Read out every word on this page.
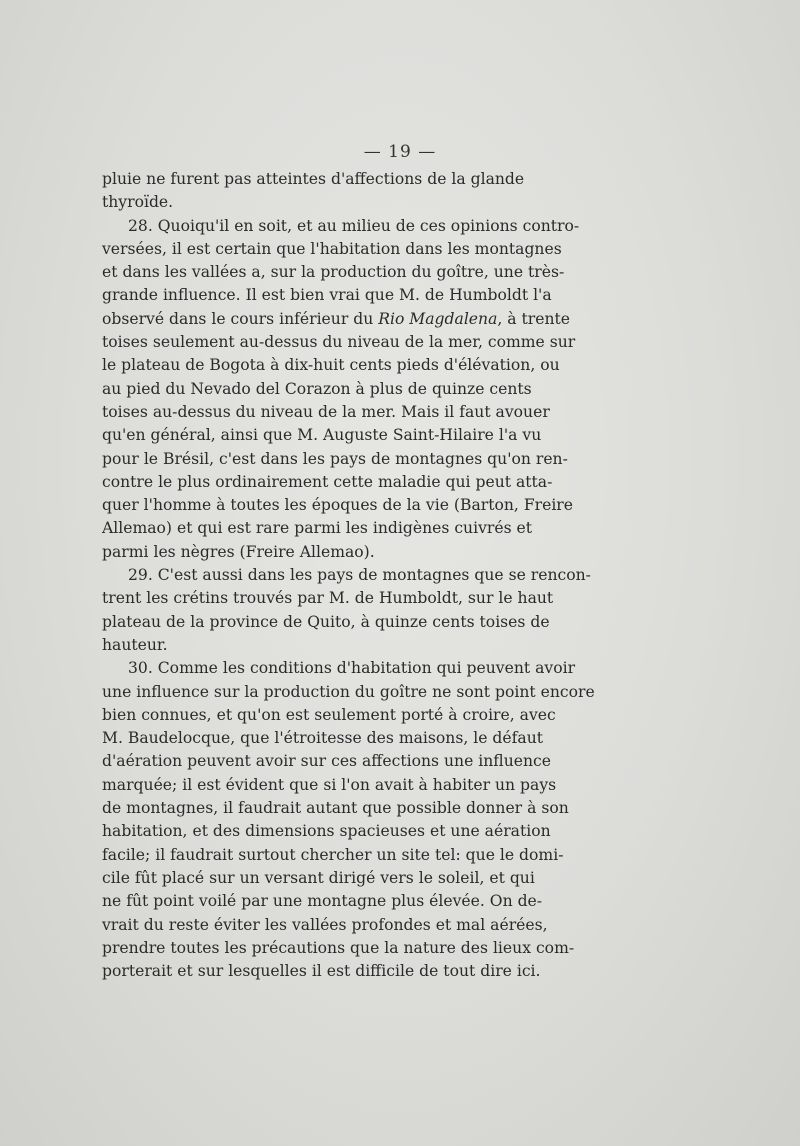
— 19 —
pluie ne furent pas atteintes d'affections de la glande
thyroïde.
28. Quoiqu'il en soit, et au milieu de ces opinions contro-
versées, il est certain que l'habitation dans les montagnes
et dans les vallées a, sur la production du goître, une très-
grande influence. Il est bien vrai que M. de Humboldt l'a
observé dans le cours inférieur du Rio Magdalena, à trente
toises seulement au-dessus du niveau de la mer, comme sur
le plateau de Bogota à dix-huit cents pieds d'élévation, ou
au pied du Nevado del Corazon à plus de quinze cents
toises au-dessus du niveau de la mer. Mais il faut avouer
qu'en général, ainsi que M. Auguste Saint-Hilaire l'a vu
pour le Brésil, c'est dans les pays de montagnes qu'on ren-
contre le plus ordinairement cette maladie qui peut atta-
quer l'homme à toutes les époques de la vie (Barton, Freire
Allemao) et qui est rare parmi les indigènes cuivrés et
parmi les nègres (Freire Allemao).
29. C'est aussi dans les pays de montagnes que se rencon-
trent les crétins trouvés par M. de Humboldt, sur le haut
plateau de la province de Quito, à quinze cents toises de
hauteur.
30. Comme les conditions d'habitation qui peuvent avoir
une influence sur la production du goître ne sont point encore
bien connues, et qu'on est seulement porté à croire, avec
M. Baudelocque, que l'étroitesse des maisons, le défaut
d'aération peuvent avoir sur ces affections une influence
marquée; il est évident que si l'on avait à habiter un pays
de montagnes, il faudrait autant que possible donner à son
habitation, et des dimensions spacieuses et une aération
facile; il faudrait surtout chercher un site tel: que le domi-
cile fût placé sur un versant dirigé vers le soleil, et qui
ne fût point voilé par une montagne plus élevée. On de-
vrait du reste éviter les vallées profondes et mal aérées,
prendre toutes les précautions que la nature des lieux com-
porterait et sur lesquelles il est difficile de tout dire ici.
